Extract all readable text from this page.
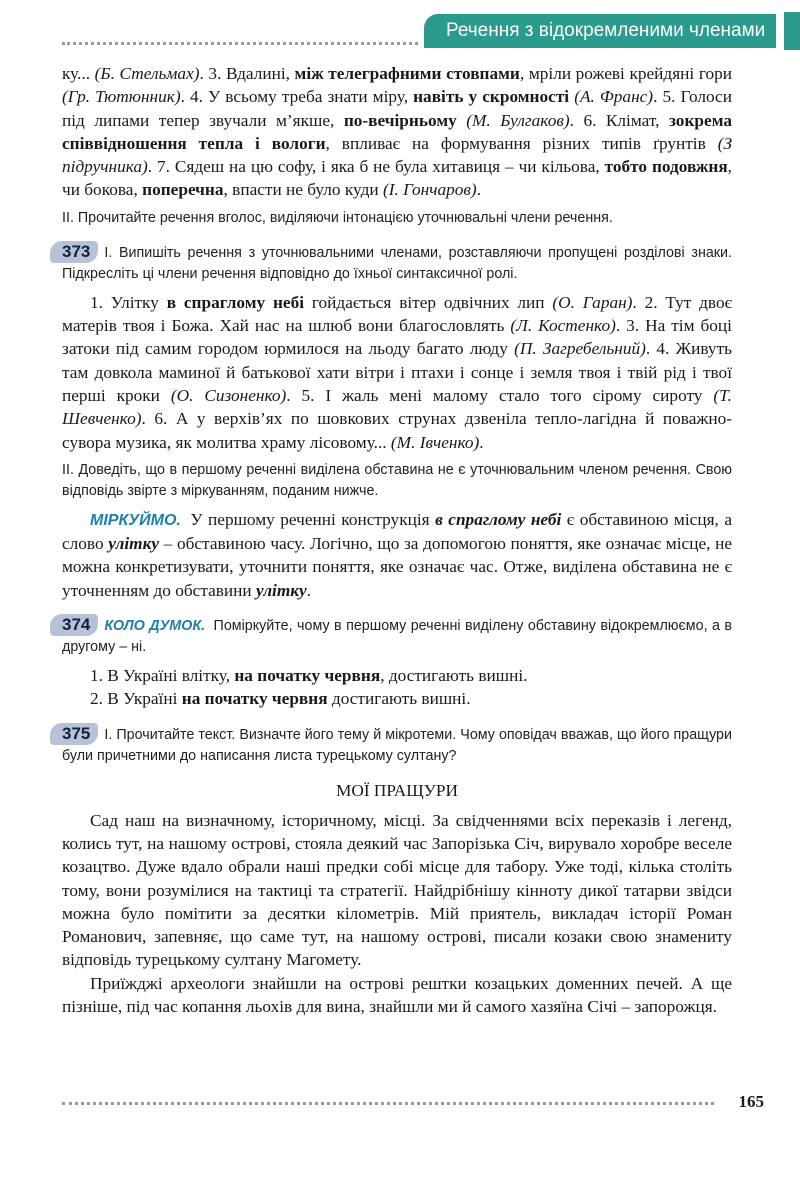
Речення з відокремленими членами

ку... (Б. Стельмах). 3. Вдалині, між телеграфними стовпами, мріли рожеві крейдяні гори (Гр. Тютюнник). 4. У всьому треба знати міру, навіть у скромності (А. Франс). 5. Голоси під липами тепер звучали м’якше, по-вечірньому (М. Булгаков). 6. Клімат, зокрема співвідношення тепла і вологи, впливає на формування різних типів ґрунтів (З підручника). 7. Сядеш на цю софу, і яка б не була хитавиця – чи кільова, тобто подовжня, чи бокова, поперечна, впасти не було куди (І. Гончаров).

ІІ. Прочитайте речення вголос, виділяючи інтонацією уточнювальні члени речення.

373 І. Випишіть речення з уточнювальними членами, розставляючи пропущені розділові знаки. Підкресліть ці члени речення відповідно до їхньої синтаксичної ролі.

1. Улітку в спраглому небі гойдається вітер одвічних лип (О. Гаран). 2. Тут двоє матерів твоя і Божа. Хай нас на шлюб вони благословлять (Л. Костенко). 3. На тім боці затоки під самим городом юрмилося на льоду багато люду (П. Загребельний). 4. Живуть там довкола маминої й батькової хати вітри і птахи і сонце і земля твоя і твій рід і твої перші кроки (О. Сизоненко). 5. І жаль мені малому стало того сірому сироту (Т. Шевченко). 6. А у верхів’ях по шовкових струнах дзвеніла тепло-лагідна й поважно-сувора музика, як молитва храму лісовому... (М. Івченко).

ІІ. Доведіть, що в першому реченні виділена обставина не є уточнювальним членом речення. Свою відповідь звірте з міркуванням, поданим нижче.

МІРКУЙМО. У першому реченні конструкція в спраглому небі є обставиною місця, а слово улітку – обставиною часу. Логічно, що за допомогою поняття, яке означає місце, не можна конкретизувати, уточнити поняття, яке означає час. Отже, виділена обставина не є уточненням до обставини улітку.

374 КОЛО ДУМОК. Поміркуйте, чому в першому реченні виділену обставину відокремлюємо, а в другому – ні.

1. В Україні влітку, на початку червня, достигають вишні.

2. В Україні на початку червня достигають вишні.

375 І. Прочитайте текст. Визначте його тему й мікротеми. Чому оповідач вважав, що його пращури були причетними до написання листа турецькому султану?

МОЇ ПРАЩУРИ

Сад наш на визначному, історичному, місці. За свідченнями всіх переказів і легенд, колись тут, на нашому острові, стояла деякий час Запорізька Січ, вирувало хоробре веселе козацтво. Дуже вдало обрали наші предки собі місце для табору. Уже тоді, кілька століть тому, вони розумілися на тактиці та стратегії. Найдрібнішу кінноту дикої татарви звідси можна було помітити за десятки кілометрів. Мій приятель, викладач історії Роман Романович, запевняє, що саме тут, на нашому острові, писали козаки свою знамениту відповідь турецькому султану Магомету.

Приїжджі археологи знайшли на острові рештки козацьких доменних печей. А ще пізніше, під час копання льохів для вина, знайшли ми й самого хазяїна Січі – запорожця.

165
